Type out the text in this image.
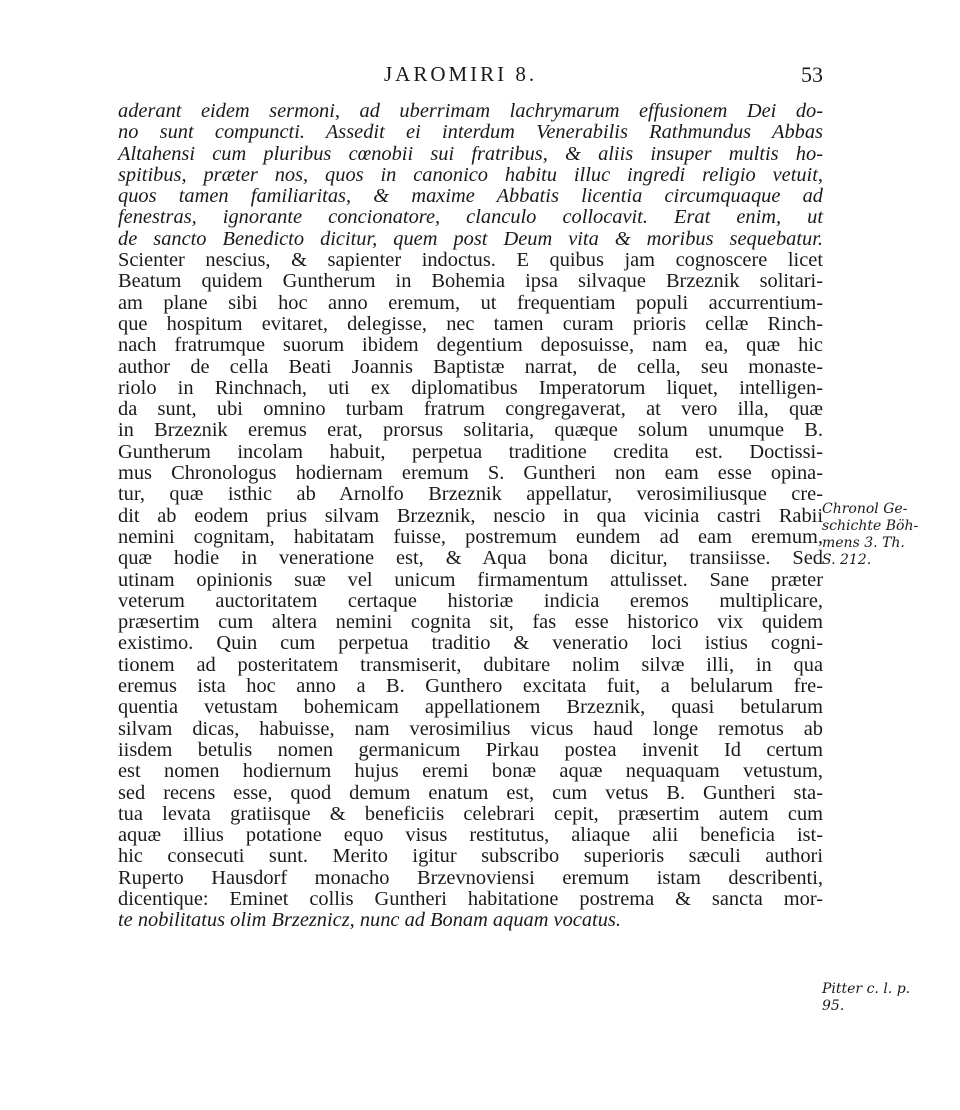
JAROMIRI 8.	53
aderant eidem sermoni, ad uberrimam lachrymarum effusionem Dei do-
no sunt compuncti. Assedit ei interdum Venerabilis Rathmundus Abbas
Altahensi cum pluribus cœnobii sui fratribus, & aliis insuper multis ho-
spitibus, præter nos, quos in canonico habitu illuc ingredi religio vetuit,
quos tamen familiaritas, & maxime Abbatis licentia circumquaque ad
fenestras, ignorante concionatore, clanculo collocavit. Erat enim, ut
de sancto Benedicto dicitur, quem post Deum vita & moribus sequebatur.
Scienter nescius, & sapienter indoctus. E quibus jam cognoscere licet
Beatum quidem Guntherum in Bohemia ipsa silvaque Brzeznik solitari-
am plane sibi hoc anno eremum, ut frequentiam populi accurrentium-
que hospitum evitaret, delegisse, nec tamen curam prioris cellæ Rinch-
nach fratrumque suorum ibidem degentium deposuisse, nam ea, quæ hic
author de cella Beati Joannis Baptistæ narrat, de cella, seu monaste-
riolo in Rinchnach, uti ex diplomatibus Imperatorum liquet, intelligen-
da sunt, ubi omnino turbam fratrum congregaverat, at vero illa, quæ
in Brzeznik eremus erat, prorsus solitaria, quæque solum unumque B.
Guntherum incolam habuit, perpetua traditione credita est. Doctissi-
mus Chronologus hodiernam eremum S. Guntheri non eam esse opina-
tur, quæ isthic ab Arnolfo Brzeznik appellatur, verosimiliusque cre-
dit ab eodem prius silvam Brzeznik, nescio in qua vicinia castri Rabii
nemini cognitam, habitatam fuisse, postremum eundem ad eam eremum,
quæ hodie in veneratione est, & Aqua bona dicitur, transiisse. Sed
utinam opinionis suæ vel unicum firmamentum attulisset. Sane præter
veterum auctoritatem certaque historiæ indicia eremos multiplicare,
præsertim cum altera nemini cognita sit, fas esse historico vix quidem
existimo. Quin cum perpetua traditio & veneratio loci istius cogni-
tionem ad posteritatem transmiserit, dubitare nolim silvæ illi, in qua
eremus ista hoc anno a B. Gunthero excitata fuit, a belularum fre-
quentia vetustam bohemicam appellationem Brzeznik, quasi betularum
silvam dicas, habuisse, nam verosimilius vicus haud longe remotus ab
iisdem betulis nomen germanicum Pirkau postea invenit Id certum
est nomen hodiernum hujus eremi bonæ aquæ nequaquam vetustum,
sed recens esse, quod demum enatum est, cum vetus B. Guntheri sta-
tua levata gratiisque & beneficiis celebrari cepit, præsertim autem cum
aquæ illius potatione equo visus restitutus, aliaque alii beneficia ist-
hic consecuti sunt. Merito igitur subscribo superioris sæculi authori
Ruperto Hausdorf monacho Brzevnoviensi eremum istam describenti,
dicentique: Eminet collis Guntheri habitatione postrema & sancta mor-
te nobilitatus olim Brzeznicz, nunc ad Bonam aquam vocatus.
Chronol Ge-
schichte Böh-
mens 3. Th.
S. 212.
Pitter c. l. p.
95.
